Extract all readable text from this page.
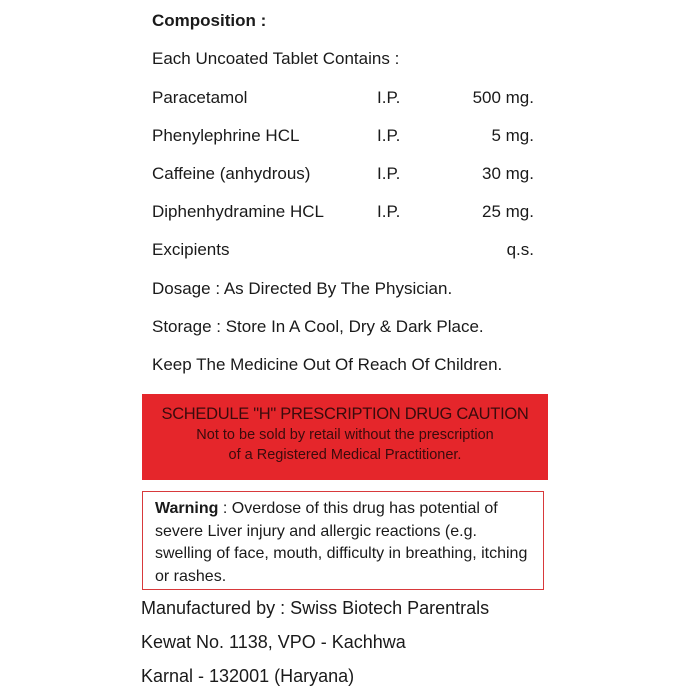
Composition :
Each Uncoated Tablet Contains :
Paracetamol	I.P.	500 mg.
Phenylephrine HCL	I.P.	5 mg.
Caffeine (anhydrous)	I.P.	30 mg.
Diphenhydramine HCL	I.P.	25 mg.
Excipients	q.s.
Dosage : As Directed By The Physician.
Storage : Store In A Cool, Dry & Dark Place.
Keep The Medicine Out Of Reach Of Children.
SCHEDULE "H" PRESCRIPTION DRUG CAUTION
Not to be sold by retail without the prescription
of a Registered Medical Practitioner.
Warning : Overdose of this drug has potential of severe Liver injury and allergic reactions (e.g. swelling of face, mouth, difficulty in breathing, itching or rashes.
Manufactured by : Swiss Biotech Parentrals
Kewat No. 1138, VPO - Kachhwa
Karnal - 132001 (Haryana)
